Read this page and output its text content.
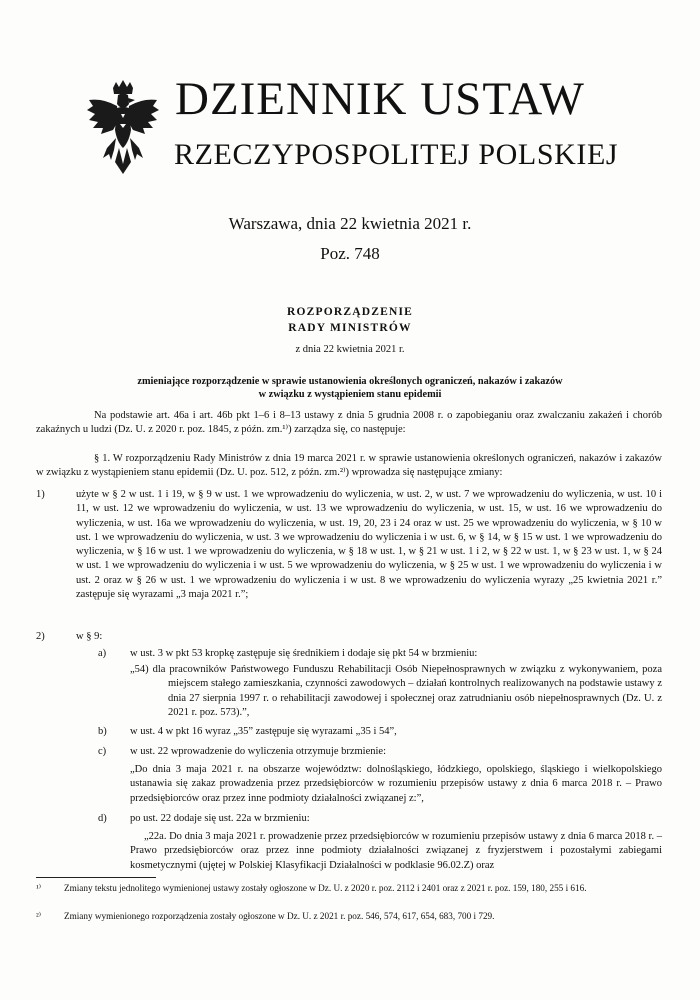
DZIENNIK USTAW
RZECZYPOSPOLITEJ POLSKIEJ
Warszawa, dnia 22 kwietnia 2021 r.
Poz. 748
ROZPORZĄDZENIE
RADY MINISTRÓW
z dnia 22 kwietnia 2021 r.
zmieniające rozporządzenie w sprawie ustanowienia określonych ograniczeń, nakazów i zakazów
w związku z wystąpieniem stanu epidemii
Na podstawie art. 46a i art. 46b pkt 1–6 i 8–13 ustawy z dnia 5 grudnia 2008 r. o zapobieganiu oraz zwalczaniu zakażeń i chorób zakaźnych u ludzi (Dz. U. z 2020 r. poz. 1845, z późn. zm.¹⁾) zarządza się, co następuje:
§ 1. W rozporządzeniu Rady Ministrów z dnia 19 marca 2021 r. w sprawie ustanowienia określonych ograniczeń, nakazów i zakazów w związku z wystąpieniem stanu epidemii (Dz. U. poz. 512, z późn. zm.²⁾) wprowadza się następujące zmiany:
1)	użyte w § 2 w ust. 1 i 19, w § 9 w ust. 1 we wprowadzeniu do wyliczenia, w ust. 2, w ust. 7 we wprowadzeniu do wyliczenia, w ust. 10 i 11, w ust. 12 we wprowadzeniu do wyliczenia, w ust. 13 we wprowadzeniu do wyliczenia, w ust. 15, w ust. 16 we wprowadzeniu do wyliczenia, w ust. 16a we wprowadzeniu do wyliczenia, w ust. 19, 20, 23 i 24 oraz w ust. 25 we wprowadzeniu do wyliczenia, w § 10 w ust. 1 we wprowadzeniu do wyliczenia, w ust. 3 we wprowadzeniu do wyliczenia i w ust. 6, w § 14, w § 15 w ust. 1 we wprowadzeniu do wyliczenia, w § 16 w ust. 1 we wprowadzeniu do wyliczenia, w § 18 w ust. 1, w § 21 w ust. 1 i 2, w § 22 w ust. 1, w § 23 w ust. 1, w § 24 w ust. 1 we wprowadzeniu do wyliczenia i w ust. 5 we wprowadzeniu do wyliczenia, w § 25 w ust. 1 we wprowadzeniu do wyliczenia i w ust. 2 oraz w § 26 w ust. 1 we wprowadzeniu do wyliczenia i w ust. 8 we wprowadzeniu do wyliczenia wyrazy „25 kwietnia 2021 r.” zastępuje się wyrazami „3 maja 2021 r.”;
2)	w § 9:
a) w ust. 3 w pkt 53 kropkę zastępuje się średnikiem i dodaje się pkt 54 w brzmieniu:
„54) dla pracowników Państwowego Funduszu Rehabilitacji Osób Niepełnosprawnych w związku z wykonywaniem, poza miejscem stałego zamieszkania, czynności zawodowych – działań kontrolnych realizowanych na podstawie ustawy z dnia 27 sierpnia 1997 r. o rehabilitacji zawodowej i społecznej oraz zatrudnianiu osób niepełnosprawnych (Dz. U. z 2021 r. poz. 573).”,
b) w ust. 4 w pkt 16 wyraz „35” zastępuje się wyrazami „35 i 54”,
c) w ust. 22 wprowadzenie do wyliczenia otrzymuje brzmienie:
„Do dnia 3 maja 2021 r. na obszarze województw: dolnośląskiego, łódzkiego, opolskiego, śląskiego i wielkopolskiego ustanawia się zakaz prowadzenia przez przedsiębiorców w rozumieniu przepisów ustawy z dnia 6 marca 2018 r. – Prawo przedsiębiorców oraz przez inne podmioty działalności związanej z:”,
d) po ust. 22 dodaje się ust. 22a w brzmieniu:
„22a. Do dnia 3 maja 2021 r. prowadzenie przez przedsiębiorców w rozumieniu przepisów ustawy z dnia 6 marca 2018 r. – Prawo przedsiębiorców oraz przez inne podmioty działalności związanej z fryzjerstwem i pozostałymi zabiegami kosmetycznymi (ujętej w Polskiej Klasyfikacji Działalności w podklasie 96.02.Z) oraz
¹⁾ Zmiany tekstu jednolitego wymienionej ustawy zostały ogłoszone w Dz. U. z 2020 r. poz. 2112 i 2401 oraz z 2021 r. poz. 159, 180, 255 i 616.
²⁾ Zmiany wymienionego rozporządzenia zostały ogłoszone w Dz. U. z 2021 r. poz. 546, 574, 617, 654, 683, 700 i 729.
